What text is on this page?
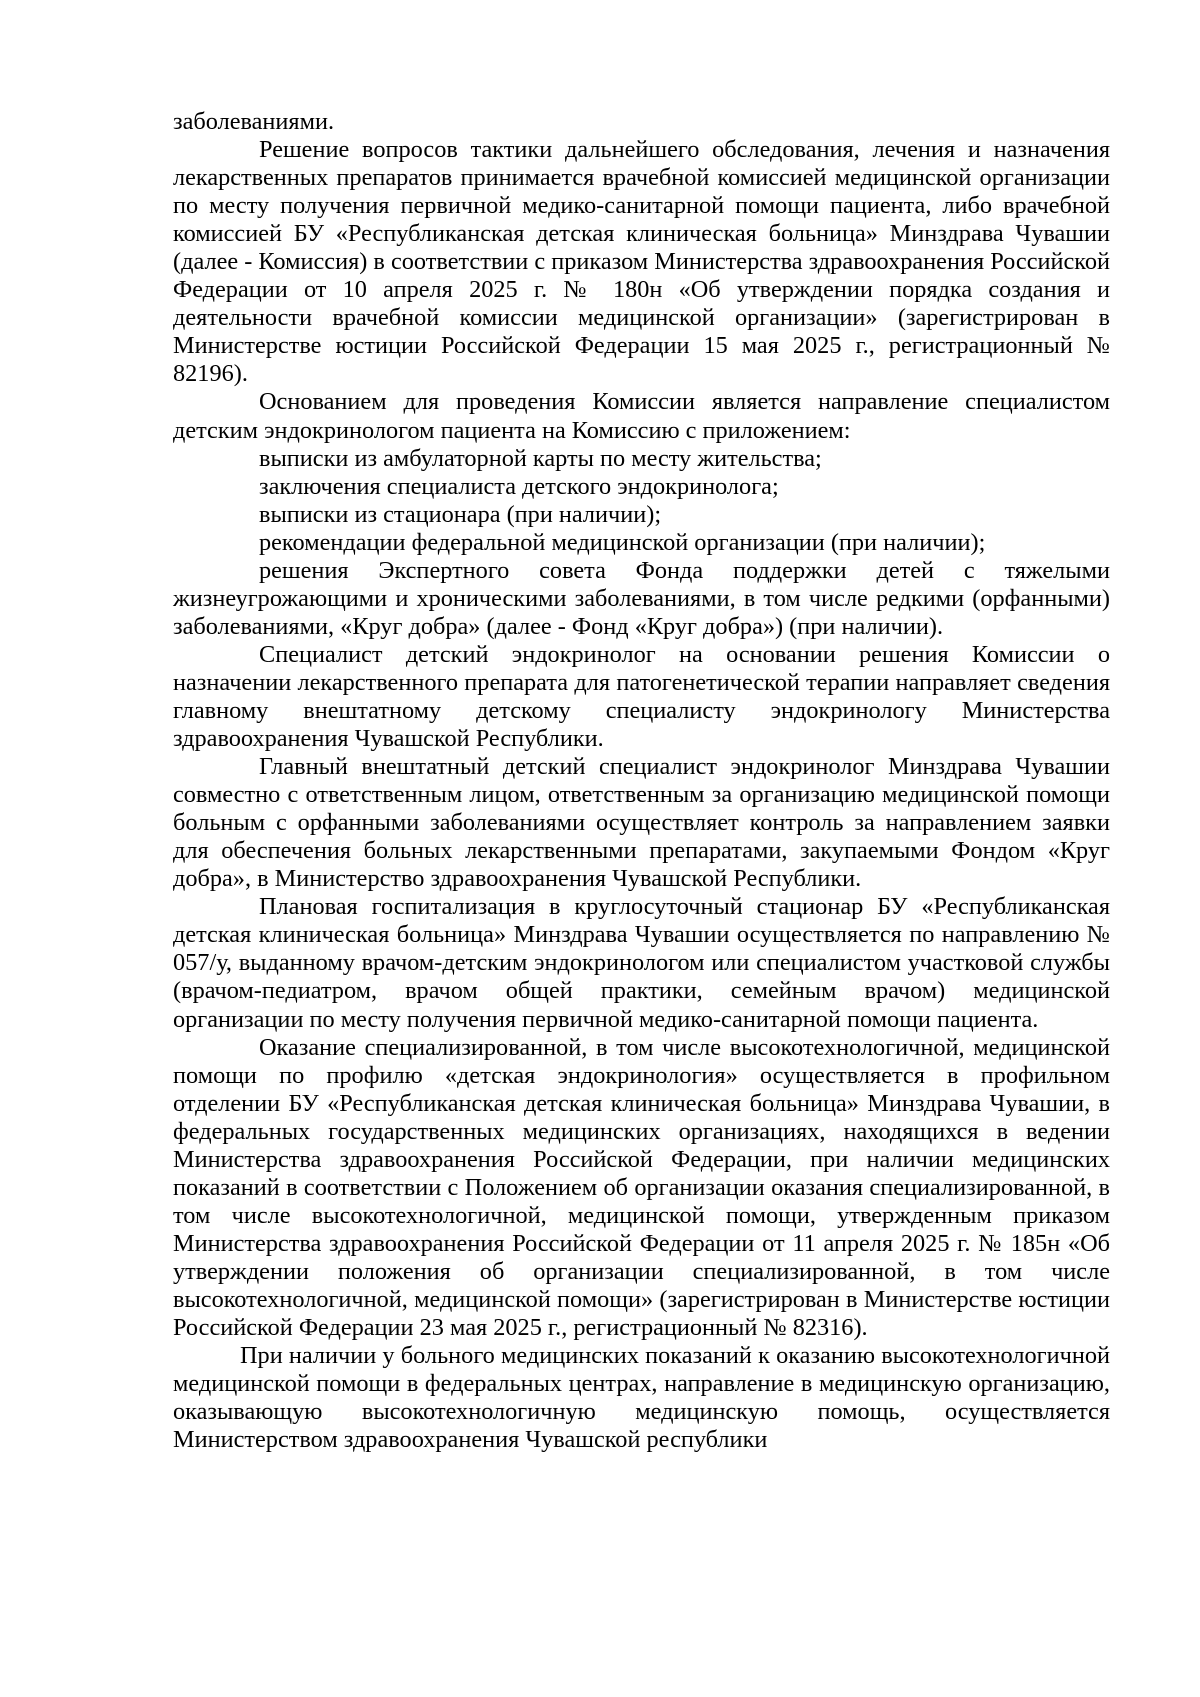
заболеваниями.

Решение вопросов тактики дальнейшего обследования, лечения и назначения лекарственных препаратов принимается врачебной комиссией медицинской организации по месту получения первичной медико-санитарной помощи пациента, либо врачебной комиссией БУ «Республиканская детская клиническая больница» Минздрава Чувашии (далее - Комиссия) в соответствии с приказом Министерства здравоохранения Российской Федерации от 10 апреля 2025 г. № 180н «Об утверждении порядка создания и деятельности врачебной комиссии медицинской организации» (зарегистрирован в Министерстве юстиции Российской Федерации 15 мая 2025 г., регистрационный № 82196).

Основанием для проведения Комиссии является направление специалистом детским эндокринологом пациента на Комиссию с приложением:

выписки из амбулаторной карты по месту жительства;

заключения специалиста детского эндокринолога;

выписки из стационара (при наличии);

рекомендации федеральной медицинской организации (при наличии);

решения Экспертного совета Фонда поддержки детей с тяжелыми жизнеугрожающими и хроническими заболеваниями, в том числе редкими (орфанными) заболеваниями, «Круг добра» (далее - Фонд «Круг добра») (при наличии).

Специалист детский эндокринолог на основании решения Комиссии о назначении лекарственного препарата для патогенетической терапии направляет сведения главному внештатному детскому специалисту эндокринологу Министерства здравоохранения Чувашской Республики.

Главный внештатный детский специалист эндокринолог Минздрава Чувашии совместно с ответственным лицом, ответственным за организацию медицинской помощи больным с орфанными заболеваниями осуществляет контроль за направлением заявки для обеспечения больных лекарственными препаратами, закупаемыми Фондом «Круг добра», в Министерство здравоохранения Чувашской Республики.

Плановая госпитализация в круглосуточный стационар БУ «Республиканская детская клиническая больница» Минздрава Чувашии осуществляется по направлению № 057/у, выданному врачом-детским эндокринологом или специалистом участковой службы (врачом-педиатром, врачом общей практики, семейным врачом) медицинской организации по месту получения первичной медико-санитарной помощи пациента.

Оказание специализированной, в том числе высокотехнологичной, медицинской помощи по профилю «детская эндокринология» осуществляется в профильном отделении БУ «Республиканская детская клиническая больница» Минздрава Чувашии, в федеральных государственных медицинских организациях, находящихся в ведении Министерства здравоохранения Российской Федерации, при наличии медицинских показаний в соответствии с Положением об организации оказания специализированной, в том числе высокотехнологичной, медицинской помощи, утвержденным приказом Министерства здравоохранения Российской Федерации от 11 апреля 2025 г. № 185н «Об утверждении положения об организации специализированной, в том числе высокотехнологичной, медицинской помощи» (зарегистрирован в Министерстве юстиции Российской Федерации 23 мая 2025 г., регистрационный № 82316).

При наличии у больного медицинских показаний к оказанию высокотехнологичной медицинской помощи в федеральных центрах, направление в медицинскую организацию, оказывающую высокотехнологичную медицинскую помощь, осуществляется Министерством здравоохранения Чувашской республики
